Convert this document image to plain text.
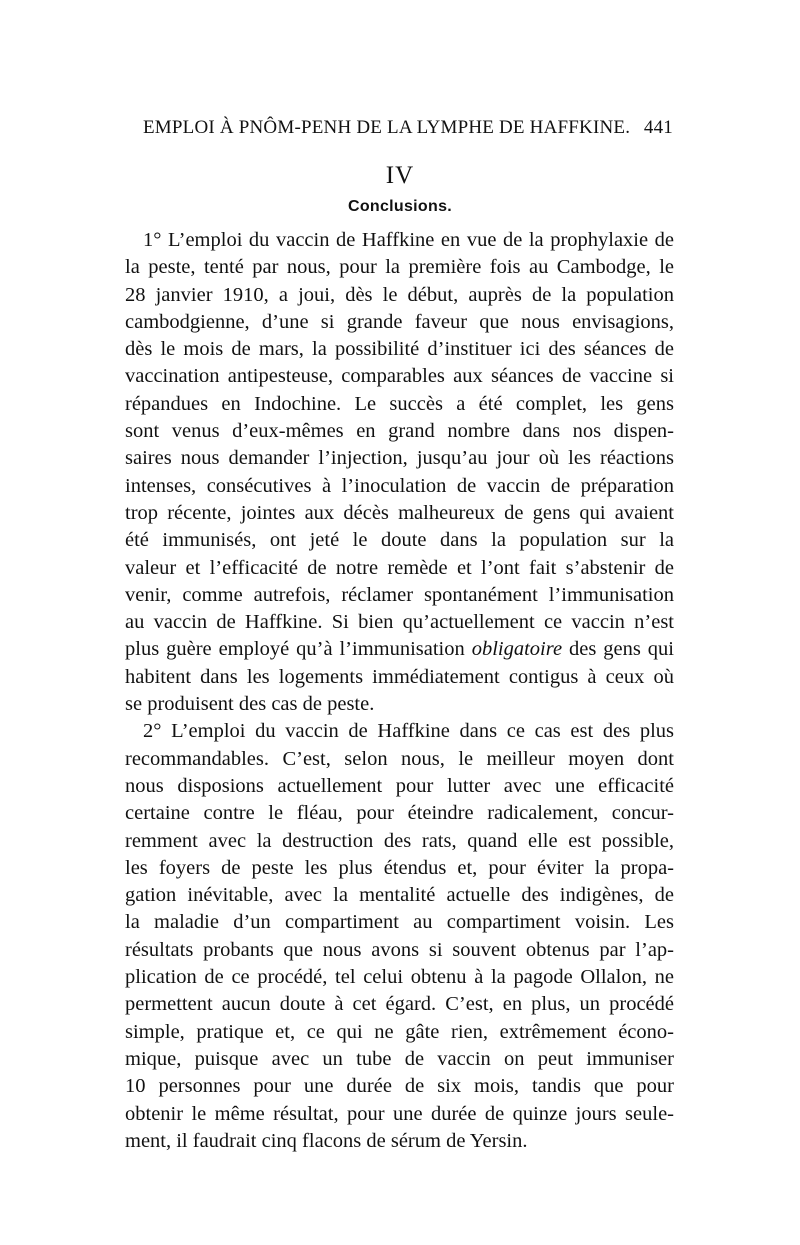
EMPLOI À PNÔM-PENH DE LA LYMPHE DE HAFFKINE. 441
IV
Conclusions.
1° L’emploi du vaccin de Haffkine en vue de la prophylaxie de
la peste, tenté par nous, pour la première fois au Cambodge, le
28 janvier 1910, a joui, dès le début, auprès de la population
cambodgienne, d’une si grande faveur que nous envisagions,
dès le mois de mars, la possibilité d’instituer ici des séances de
vaccination antipesteuse, comparables aux séances de vaccine si
répandues en Indochine. Le succès a été complet, les gens
sont venus d’eux-mêmes en grand nombre dans nos dispen-
saires nous demander l’injection, jusqu’au jour où les réactions
intenses, consécutives à l’inoculation de vaccin de préparation
trop récente, jointes aux décès malheureux de gens qui avaient
été immunisés, ont jeté le doute dans la population sur la
valeur et l’efficacité de notre remède et l’ont fait s’abstenir de
venir, comme autrefois, réclamer spontanément l’immunisation
au vaccin de Haffkine. Si bien qu’actuellement ce vaccin n’est
plus guère employé qu’à l’immunisation obligatoire des gens qui
habitent dans les logements immédiatement contigus à ceux où
se produisent des cas de peste.
2° L’emploi du vaccin de Haffkine dans ce cas est des plus
recommandables. C’est, selon nous, le meilleur moyen dont
nous disposions actuellement pour lutter avec une efficacité
certaine contre le fléau, pour éteindre radicalement, concur-
remment avec la destruction des rats, quand elle est possible,
les foyers de peste les plus étendus et, pour éviter la propa-
gation inévitable, avec la mentalité actuelle des indigènes, de
la maladie d’un compartiment au compartiment voisin. Les
résultats probants que nous avons si souvent obtenus par l’ap-
plication de ce procédé, tel celui obtenu à la pagode Ollalon, ne
permettent aucun doute à cet égard. C’est, en plus, un procédé
simple, pratique et, ce qui ne gâte rien, extrêmement écono-
mique, puisque avec un tube de vaccin on peut immuniser
10 personnes pour une durée de six mois, tandis que pour
obtenir le même résultat, pour une durée de quinze jours seule-
ment, il faudrait cinq flacons de sérum de Yersin.
